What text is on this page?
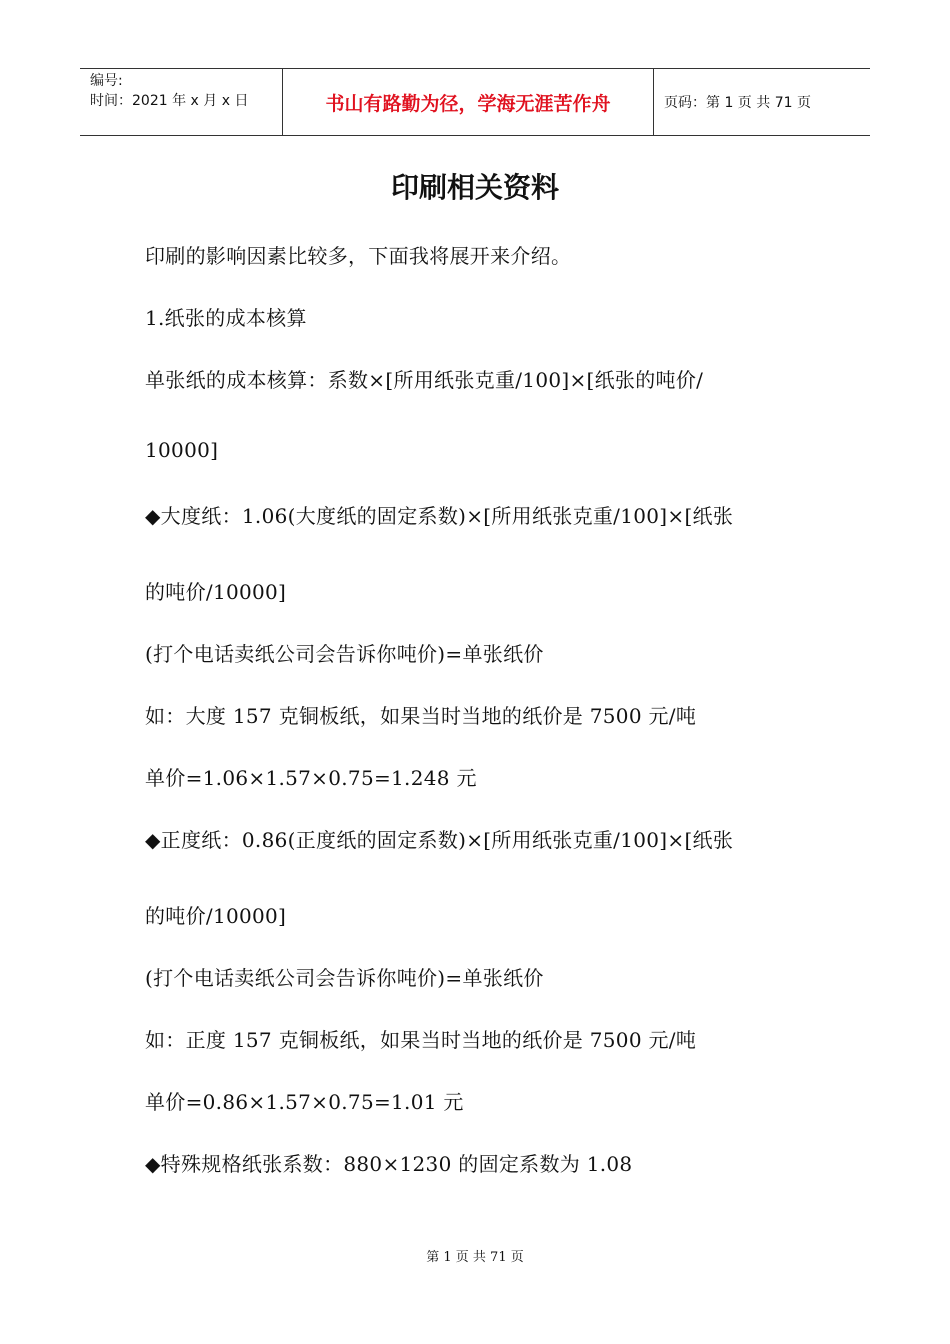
编号:
时间：2021 年 x 月 x 日	书山有路勤为径，学海无涯苦作舟	页码：第 1 页 共 71 页
印刷相关资料
印刷的影响因素比较多，下面我将展开来介绍。
1.纸张的成本核算
单张纸的成本核算：系数×[所用纸张克重/100]×[纸张的吨价/
10000]
◆大度纸：1.06(大度纸的固定系数)×[所用纸张克重/100]×[纸张
的吨价/10000]
(打个电话卖纸公司会告诉你吨价)=单张纸价
如：大度 157 克铜板纸，如果当时当地的纸价是 7500 元/吨
单价=1.06×1.57×0.75=1.248 元
◆正度纸：0.86(正度纸的固定系数)×[所用纸张克重/100]×[纸张
的吨价/10000]
(打个电话卖纸公司会告诉你吨价)=单张纸价
如：正度 157 克铜板纸，如果当时当地的纸价是 7500 元/吨
单价=0.86×1.57×0.75=1.01 元
◆特殊规格纸张系数：880×1230 的固定系数为 1.08
第 1 页 共 71 页
